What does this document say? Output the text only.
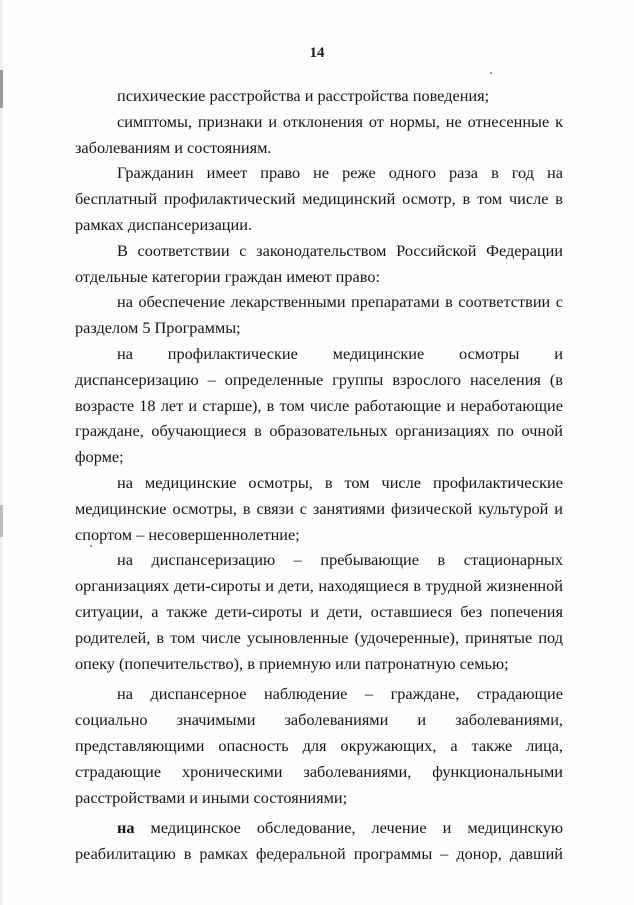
14

психические расстройства и расстройства поведения;

симптомы, признаки и отклонения от нормы, не отнесенные к заболеваниям и состояниям.

Гражданин имеет право не реже одного раза в год на бесплатный профилактический медицинский осмотр, в том числе в рамках диспансеризации.

В соответствии с законодательством Российской Федерации отдельные категории граждан имеют право:

на обеспечение лекарственными препаратами в соответствии с разделом 5 Программы;

на профилактические медицинские осмотры и диспансеризацию – определенные группы взрослого населения (в возрасте 18 лет и старше), в том числе работающие и неработающие граждане, обучающиеся в образовательных организациях по очной форме;

на медицинские осмотры, в том числе профилактические медицинские осмотры, в связи с занятиями физической культурой и спортом – несовершеннолетние;

на диспансеризацию – пребывающие в стационарных организациях дети-сироты и дети, находящиеся в трудной жизненной ситуации, а также дети-сироты и дети, оставшиеся без попечения родителей, в том числе усыновленные (удочеренные), принятые под опеку (попечительство), в приемную или патронатную семью;

на диспансерное наблюдение – граждане, страдающие социально значимыми заболеваниями и заболеваниями, представляющими опасность для окружающих, а также лица, страдающие хроническими заболеваниями, функциональными расстройствами и иными состояниями;

на медицинское обследование, лечение и медицинскую реабилитацию в рамках федеральной программы – донор, давший
